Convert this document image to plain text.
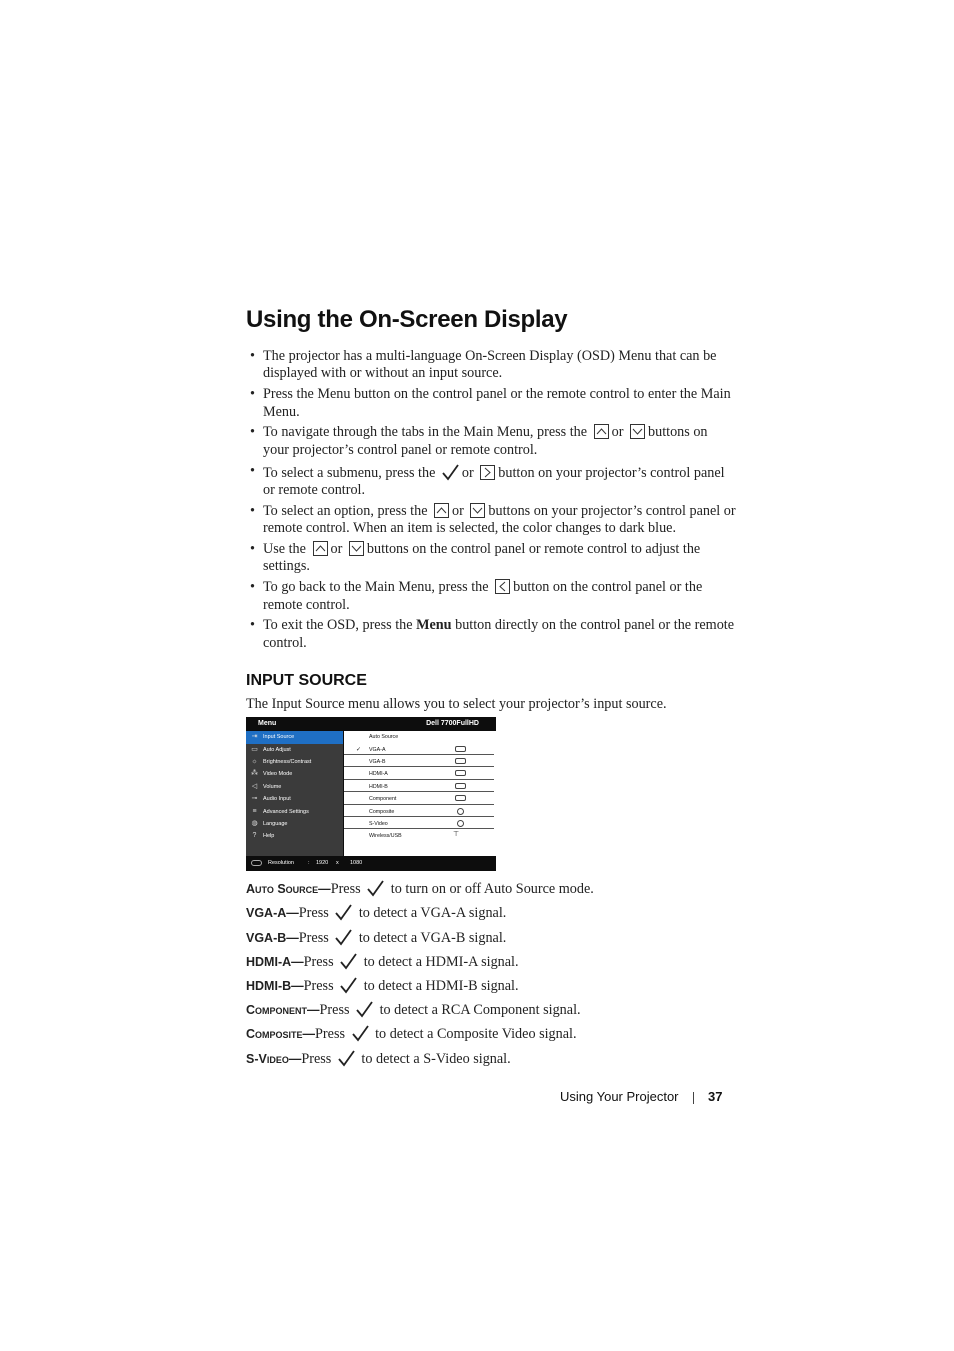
Using the On-Screen Display
• The projector has a multi-language On-Screen Display (OSD) Menu that can be displayed with or without an input source.
• Press the Menu button on the control panel or the remote control to enter the Main Menu.
• To navigate through the tabs in the Main Menu, press the or buttons on your projector’s control panel or remote control.
• To select a submenu, press the or button on your projector’s control panel or remote control.
• To select an option, press the or buttons on your projector’s control panel or remote control. When an item is selected, the color changes to dark blue.
• Use the or buttons on the control panel or remote control to adjust the settings.
• To go back to the Main Menu, press the button on the control panel or the remote control.
• To exit the OSD, press the Menu button directly on the control panel or the remote control.
INPUT SOURCE

The Input Source menu allows you to select your projector’s input source.

Menu	Dell 7700FullHD
⇥ Input Source
▭ Auto Adjust
☼ Brightness/Contrast
⁂ Video Mode
◁	Volume
⊸ Audio Input
≡	Advanced Settings
◍ Language
?	Help
Auto Source
✓ VGA-A
VGA-B
HDMI-A
HDMI-B
Component
Composite
S-Video
Wireless/USB	⊤
Resolution	: 1920 x 1080
Auto Source—Press to turn on or off Auto Source mode.
VGA-A—Press to detect a VGA-A signal.
VGA-B—Press to detect a VGA-B signal.
HDMI-A—Press to detect a HDMI-A signal.
HDMI-B—Press to detect a HDMI-B signal.
Component—Press to detect a RCA Component signal.
Composite—Press to detect a Composite Video signal.
S-Video—Press to detect a S-Video signal.
Using Your Projector 37
